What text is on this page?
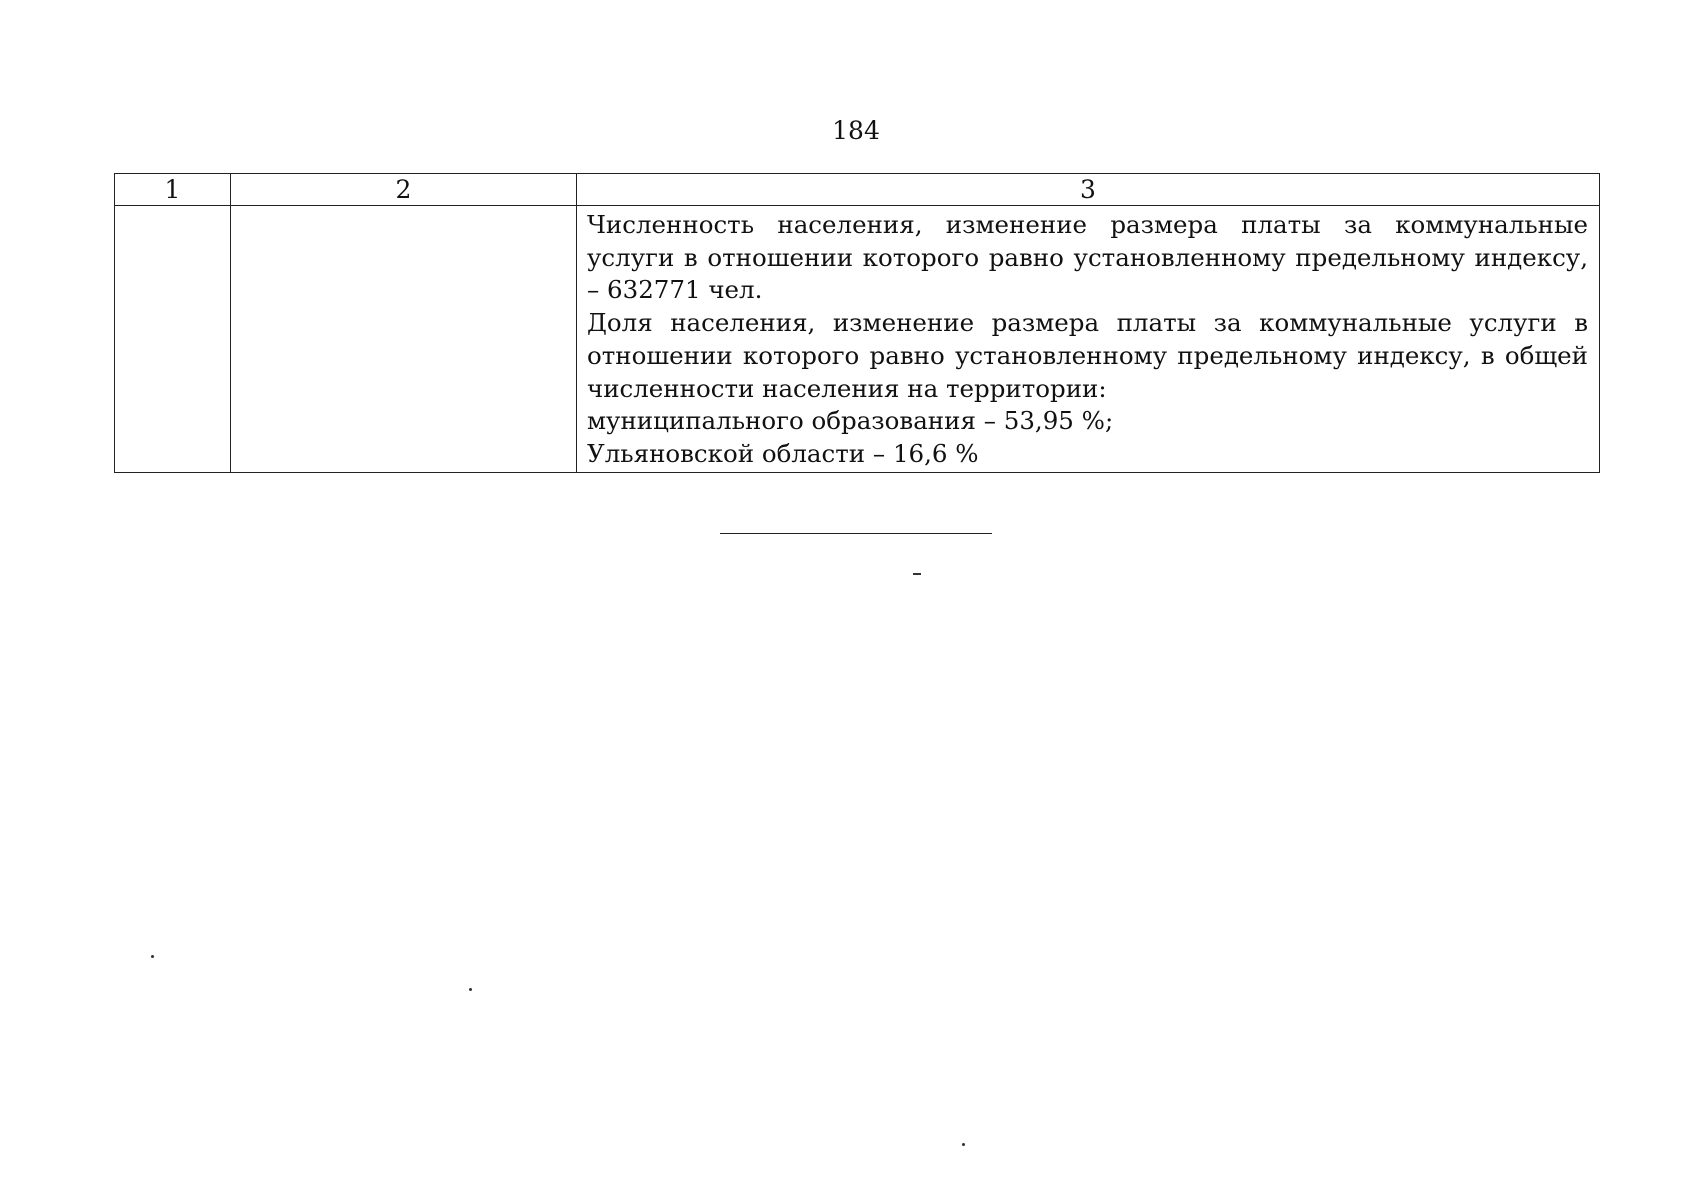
184
1	2	3

		Численность населения, изменение размера платы за коммунальные услуги в отношении которого равно установленному предельному индексу, – 632771 чел.

Доля населения, изменение размера платы за коммунальные услуги в отношении которого равно установленному предельному индексу, в общей численности населения на территории:

муниципального образования – 53,95 %;

Ульяновской области – 16,6 %
